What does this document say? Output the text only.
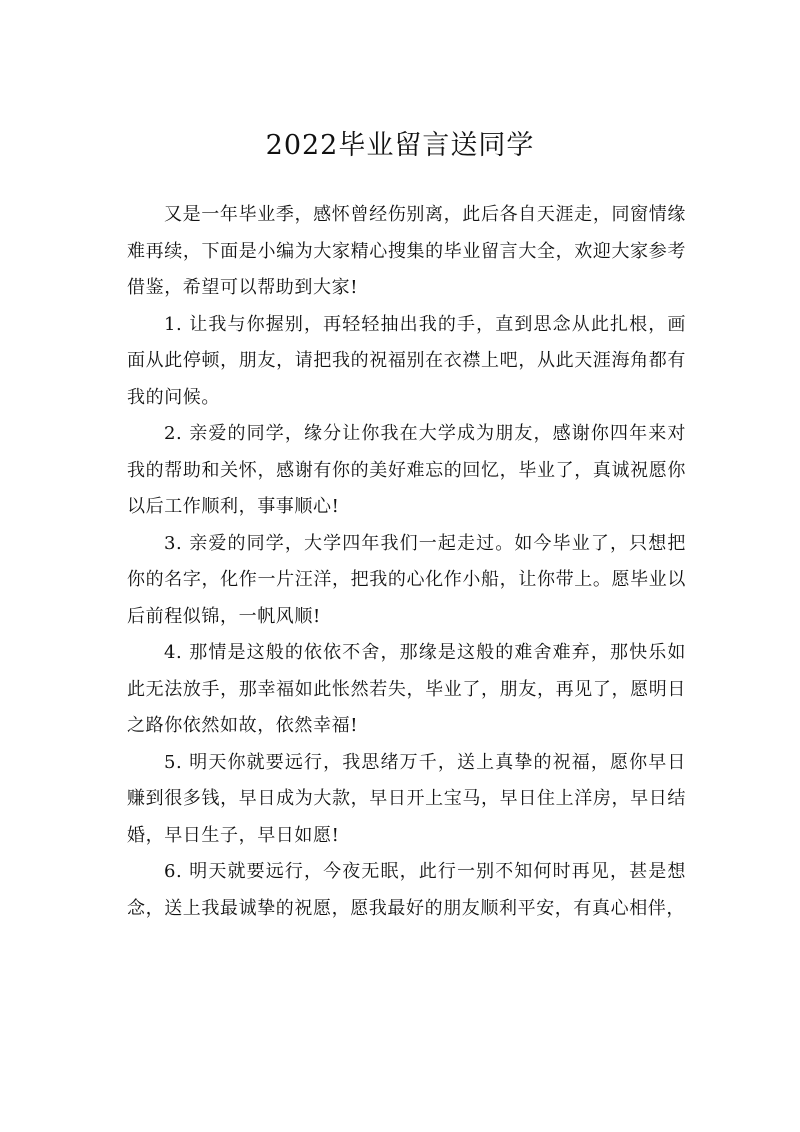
2022毕业留言送同学

又是一年毕业季，感怀曾经伤别离，此后各自天涯走，同窗情缘难再续，下面是小编为大家精心搜集的毕业留言大全，欢迎大家参考借鉴，希望可以帮助到大家!

1. 让我与你握别，再轻轻抽出我的手，直到思念从此扎根，画面从此停顿，朋友，请把我的祝福别在衣襟上吧，从此天涯海角都有我的问候。

2. 亲爱的同学，缘分让你我在大学成为朋友，感谢你四年来对我的帮助和关怀，感谢有你的美好难忘的回忆，毕业了，真诚祝愿你以后工作顺利，事事顺心!

3. 亲爱的同学，大学四年我们一起走过。如今毕业了，只想把你的名字，化作一片汪洋，把我的心化作小船，让你带上。愿毕业以后前程似锦，一帆风顺!

4. 那情是这般的依依不舍，那缘是这般的难舍难弃，那快乐如此无法放手，那幸福如此怅然若失，毕业了，朋友，再见了，愿明日之路你依然如故，依然幸福!

5. 明天你就要远行，我思绪万千，送上真挚的祝福，愿你早日赚到很多钱，早日成为大款，早日开上宝马，早日住上洋房，早日结婚，早日生子，早日如愿!

6. 明天就要远行，今夜无眠，此行一别不知何时再见，甚是想念，送上我最诚挚的祝愿，愿我最好的朋友顺利平安，有真心相伴，
